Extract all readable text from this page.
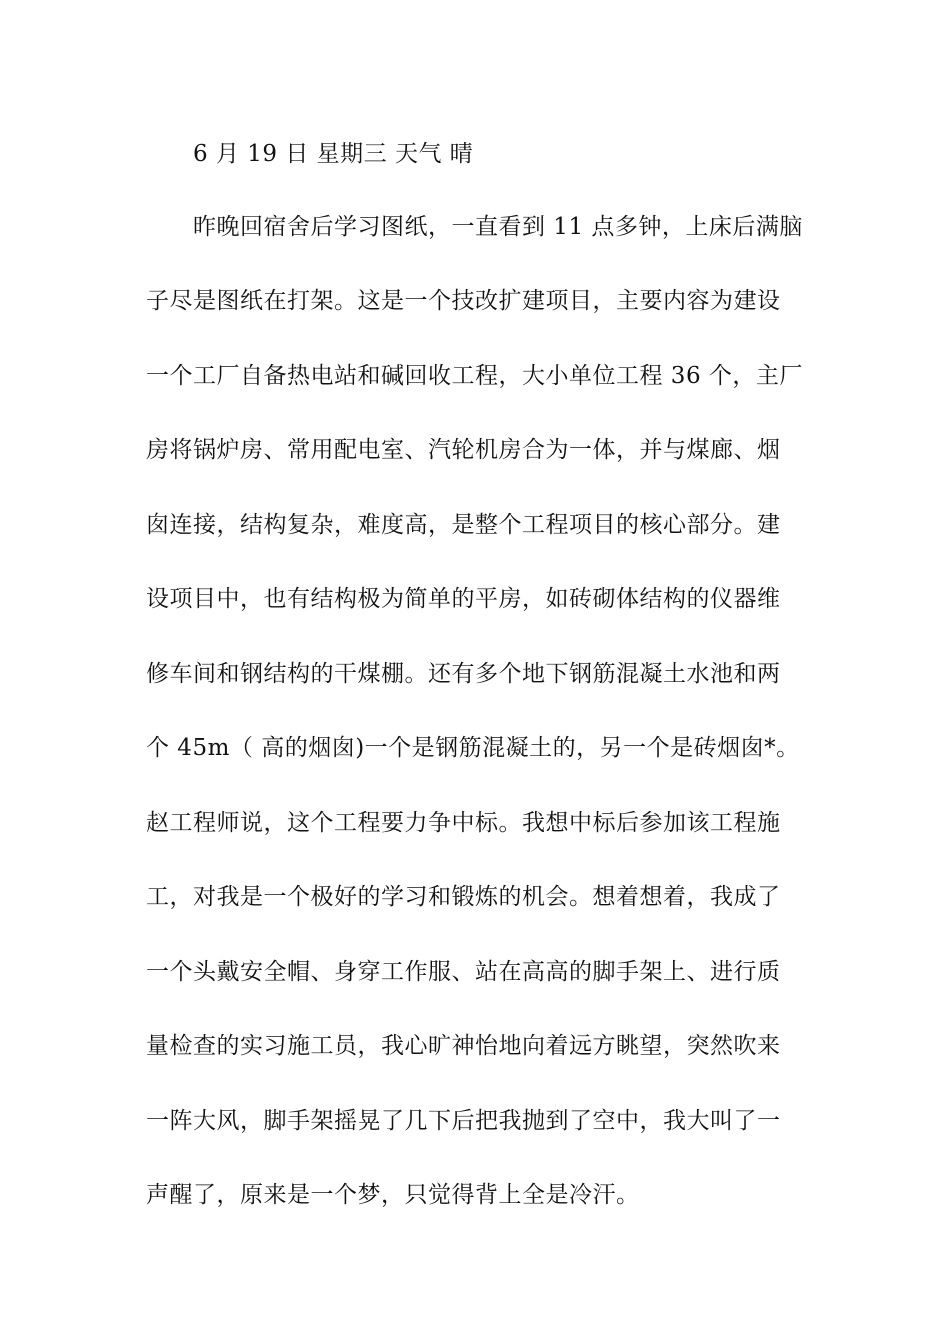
6 月 19 日 星期三 天气 晴
昨晚回宿舍后学习图纸，一直看到 11 点多钟，上床后满脑
子尽是图纸在打架。这是一个技改扩建项目，主要内容为建设
一个工厂自备热电站和碱回收工程，大小单位工程 36 个，主厂
房将锅炉房、常用配电室、汽轮机房合为一体，并与煤廊、烟
囱连接，结构复杂，难度高，是整个工程项目的核心部分。建
设项目中，也有结构极为简单的平房，如砖砌体结构的仪器维
修车间和钢结构的干煤棚。还有多个地下钢筋混凝土水池和两
个 45m（ 高的烟囱)一个是钢筋混凝土的，另一个是砖烟囱*。
赵工程师说，这个工程要力争中标。我想中标后参加该工程施
工，对我是一个极好的学习和锻炼的机会。想着想着，我成了
一个头戴安全帽、身穿工作服、站在高高的脚手架上、进行质
量检查的实习施工员，我心旷神怡地向着远方眺望，突然吹来
一阵大风，脚手架摇晃了几下后把我抛到了空中，我大叫了一
声醒了，原来是一个梦，只觉得背上全是冷汗。
